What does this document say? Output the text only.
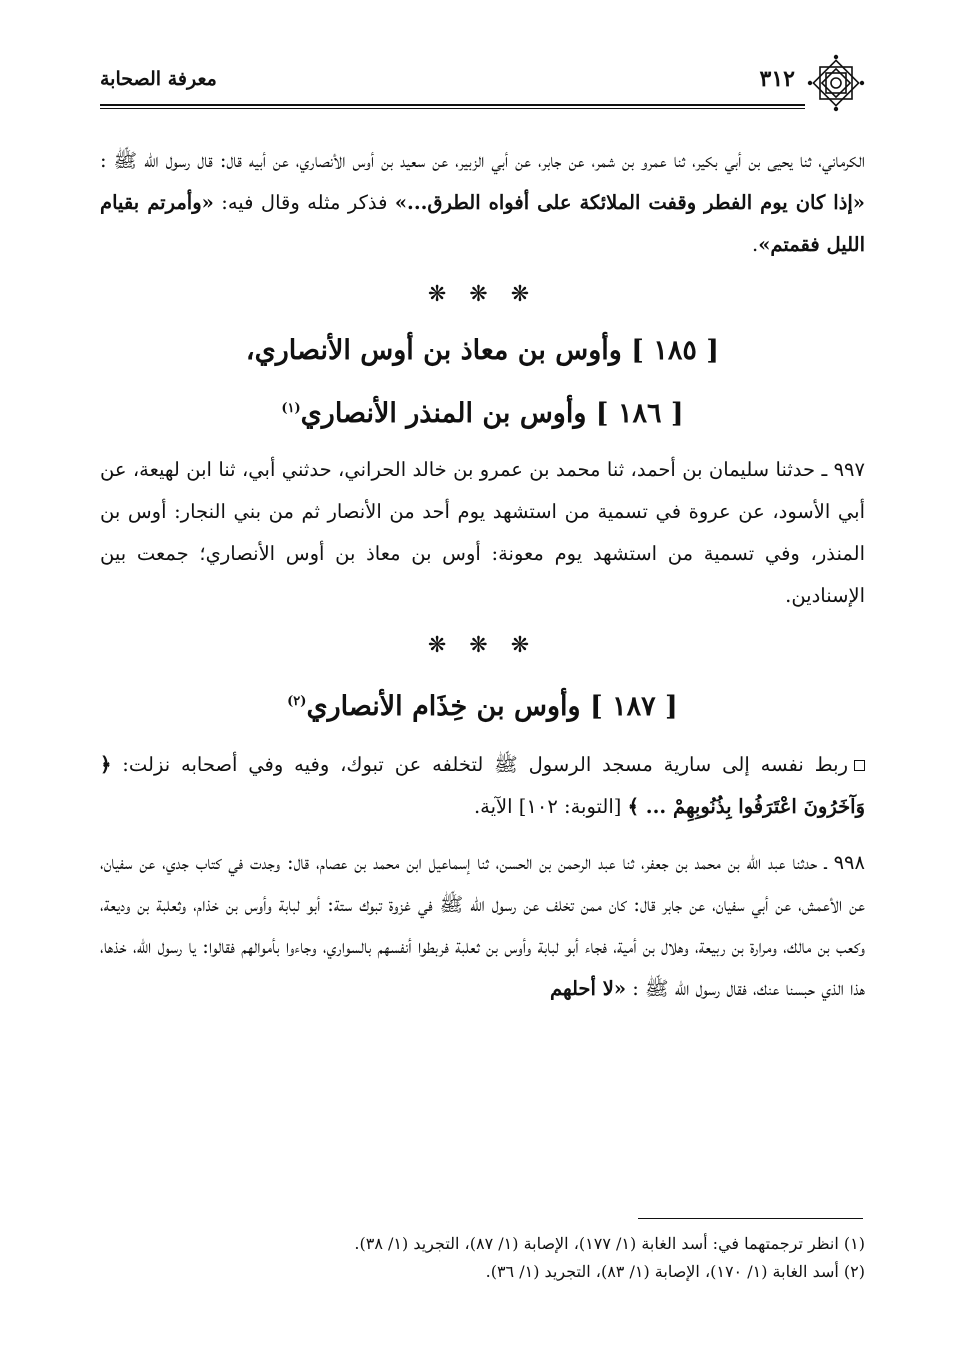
معرفة الصحابة	٣١٢

الكرماني، ثنا يحيى بن أبي بكير، ثنا عمرو بن شمر، عن جابر، عن أبي الزبير، عن سعيد بن أوس الأنصاري، عن أبيه قال: قال رسول الله ﷺ : «إذا كان يوم الفطر وقفت الملائكة على أفواه الطرق...» فذكر مثله وقال فيه: «وأمرتم بقيام الليل فقمتم».

❋ ❋ ❋
[ ١٨٥ ] وأوس بن معاذ بن أوس الأنصاري،
[ ١٨٦ ] وأوس بن المنذر الأنصاري$^{(١)}$

٩٩٧ ـ حدثنا سليمان بن أحمد، ثنا محمد بن عمرو بن خالد الحراني، حدثني أبي، ثنا ابن لهيعة، عن أبي الأسود، عن عروة في تسمية من استشهد يوم أحد من الأنصار ثم من بني النجار: أوس بن المنذر، وفي تسمية من استشهد يوم معونة: أوس بن معاذ بن أوس الأنصاري؛ جمعت بين الإسنادين.

❋ ❋ ❋
[ ١٨٧ ] وأوس بن خِذَام الأنصاري$^{(٢)}$

ربط نفسه إلى سارية مسجد الرسول ﷺ لتخلفه عن تبوك، وفيه وفي أصحابه نزلت: ﴿ وَآخَرُونَ اعْتَرَفُوا بِذُنُوبِهِمْ ... ﴾ [التوبة: ١٠٢] الآية.

٩٩٨ ـ حدثنا عبد الله بن محمد بن جعفر، ثنا عبد الرحمن بن الحسن، ثنا إسماعيل ابن محمد بن عصام، قال: وجدت في كتاب جدي، عن سفيان، عن الأعمش، عن أبي سفيان، عن جابر قال: كان ممن تخلف عن رسول الله ﷺ في غزوة تبوك ستة: أبو لبابة وأوس بن خذام، وثعلبة بن وديعة، وكعب بن مالك، ومرارة بن ربيعة، وهلال بن أمية، فجاء أبو لبابة وأوس بن ثعلبة فربطوا أنفسهم بالسواري، وجاءوا بأموالهم فقالوا: يا رسول الله، خذها، هذا الذي حبسنا عنك، فقال رسول الله ﷺ : «لا أحلهم

(١) انظر ترجمتهما في: أسد الغابة (١/ ١٧٧)، الإصابة (١/ ٨٧)، التجريد (١/ ٣٨).

(٢) أسد الغابة (١/ ١٧٠)، الإصابة (١/ ٨٣)، التجريد (١/ ٣٦).
